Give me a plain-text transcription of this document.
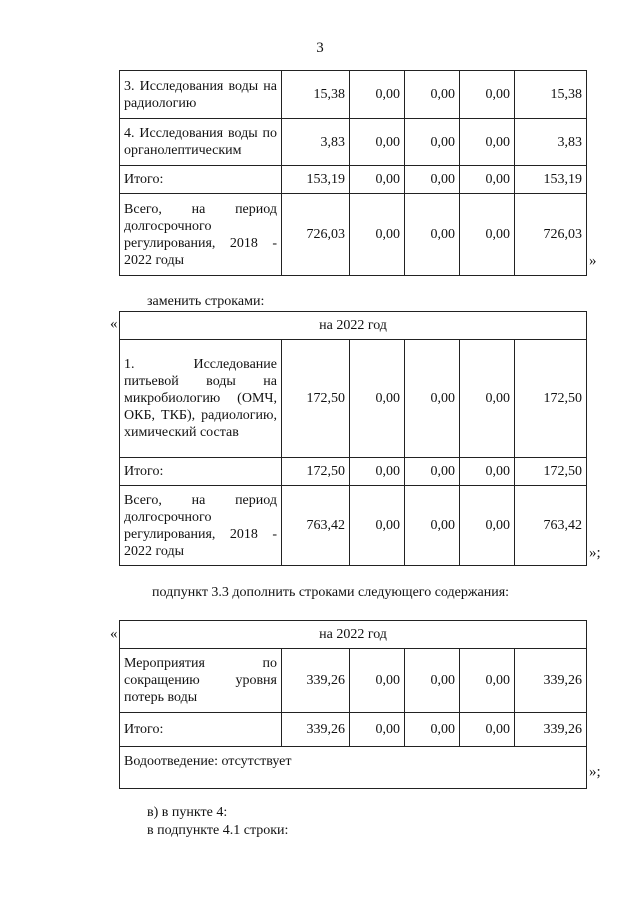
3
3. Исследования воды на радиологию	15,38	0,00	0,00	0,00	15,38
4. Исследования воды по органолептическим	3,83	0,00	0,00	0,00	3,83
Итого:	153,19	0,00	0,00	0,00	153,19
Всего, на период долгосрочного регулирования, 2018 - 2022 годы	726,03	0,00	0,00	0,00	726,03
»
заменить строками:
«	на 2022 год					
1. Исследование питьевой воды на микробиологию (ОМЧ, ОКБ, ТКБ), радиологию, химический состав	172,50	0,00	0,00	0,00	172,50
Итого:	172,50	0,00	0,00	0,00	172,50
Всего, на период долгосрочного регулирования, 2018 - 2022 годы	763,42	0,00	0,00	0,00	763,42
»;
подпункт 3.3 дополнить строками следующего содержания:
«	на 2022 год					
Мероприятия по сокращению уровня потерь воды	339,26	0,00	0,00	0,00	339,26
Итого:	339,26	0,00	0,00	0,00	339,26
Водоотведение: отсутствует					
»;
в) в пункте 4:
в подпункте 4.1 строки:
